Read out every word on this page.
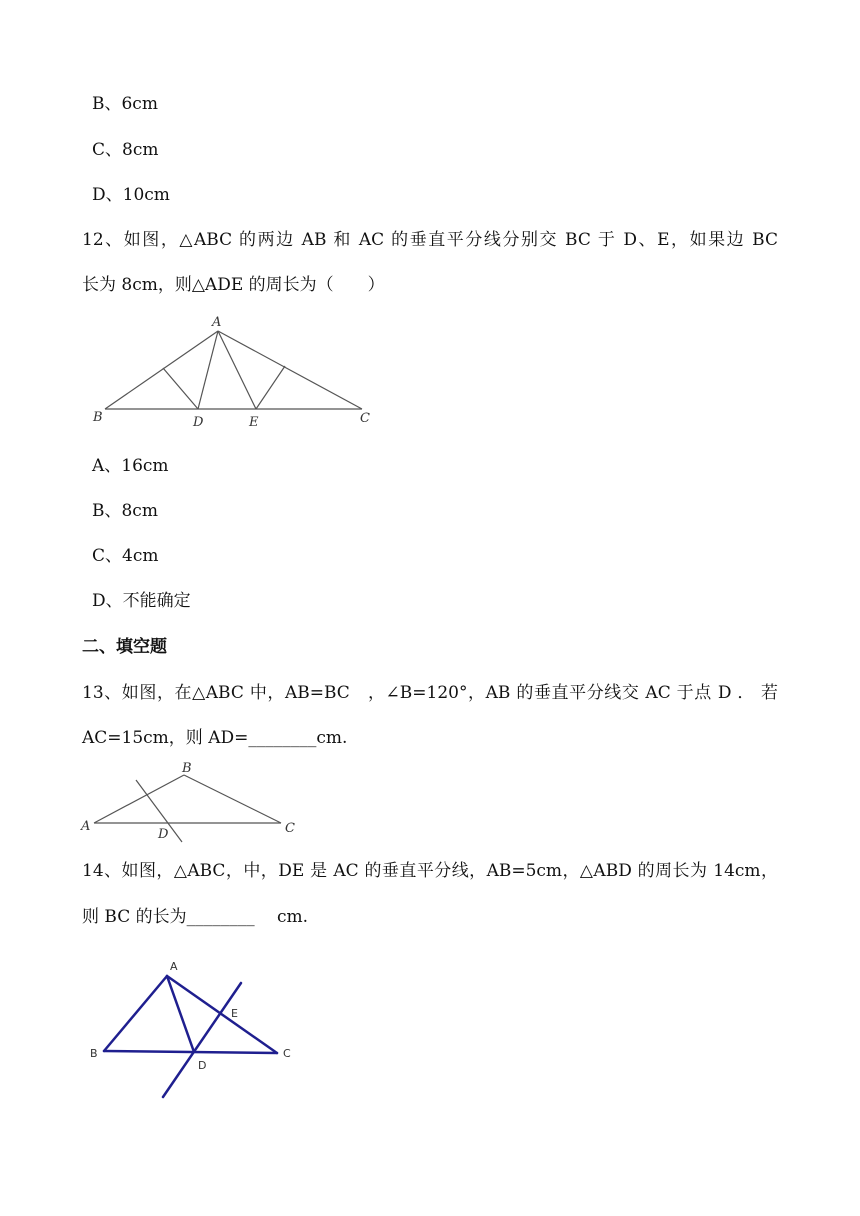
B、6cm
C、8cm
D、10cm
12、如图，△ABC 的两边 AB 和 AC 的垂直平分线分别交 BC 于 D、E，如果边 BC
长为 8cm，则△ADE 的周长为（　　）
A
B	D	E	C
A、16cm
B、8cm
C、4cm
D、不能确定
二、填空题
13、如图，在△ABC 中，AB=BC　，∠B=120°，AB 的垂直平分线交 AC 于点 D ． 若
AC=15cm，则 AD=________cm.
B
A
D	C
14、如图，△ABC，中，DE 是 AC 的垂直平分线，AB=5cm，△ABD 的周长为 14cm，
则 BC 的长为________　 cm.
A
B
D
E
C
